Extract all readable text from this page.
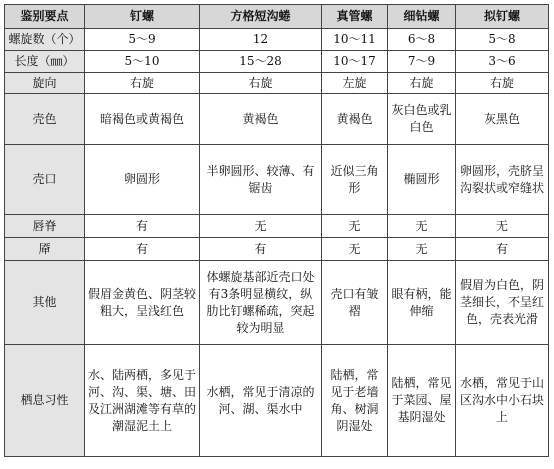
鉴别要点	钉螺	方格短沟蜷	真管螺	细钻螺	拟钉螺
螺旋数（个）	5～9	12	10～11	6～8	5～8
长度（㎜）	5～10	15～28	10～17	7～9	3～6
旋向	右旋	右旋	左旋	右旋	右旋
壳色	暗褐色或黄褐色	黄褐色	黄褐色	灰白色或乳白色	灰黑色
壳口	卵圆形	半卵圆形、较薄、有锯齿	近似三角形	椭圆形	卵圆形，壳脐呈沟裂状或窄缝状
唇脊	有	无	无	无	无
厣	有	有	无	无	有
其他	假眉金黄色、阴茎较粗大，呈浅红色	体螺旋基部近壳口处有3条明显横纹，纵肋比钉螺稀疏，突起较为明显	壳口有皱褶	眼有柄，能伸缩	假眉为白色，阴茎细长，不呈红色，壳表光滑
栖息习性	水、陆两栖，多见于河、沟、渠、塘、田及江洲湖滩等有草的潮湿泥土上	水栖，常见于清凉的河、湖、渠水中	陆栖，常见于老墙角、树洞阴湿处	陆栖，常见于菜园、屋基阴湿处	水栖，常见于山区沟水中小石块上
